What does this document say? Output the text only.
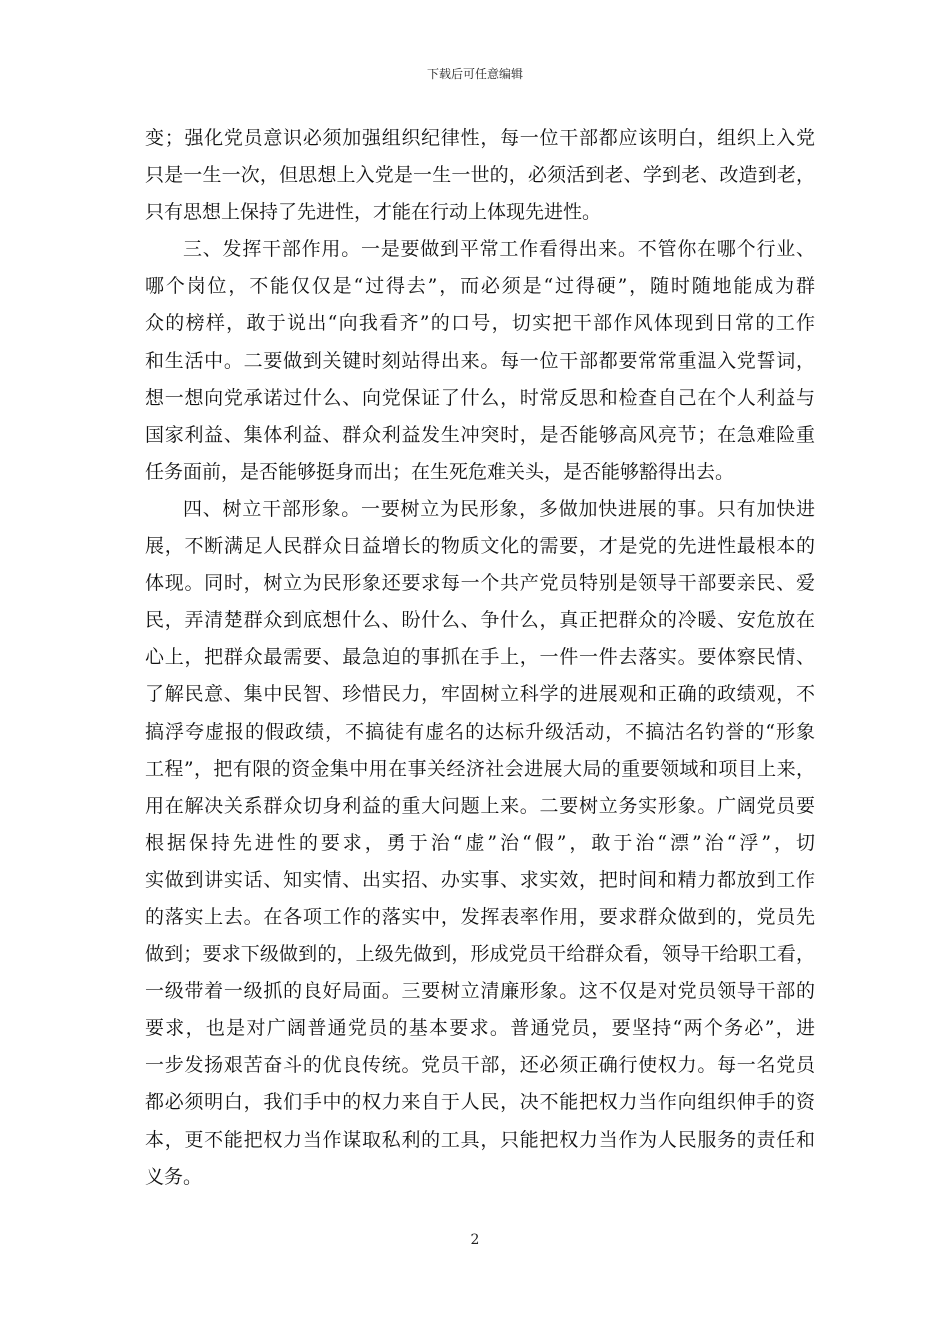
下载后可任意编辑
变；强化党员意识必须加强组织纪律性，每一位干部都应该明白，组织上入党
只是一生一次，但思想上入党是一生一世的，必须活到老、学到老、改造到老，
只有思想上保持了先进性，才能在行动上体现先进性。
三、发挥干部作用。一是要做到平常工作看得出来。不管你在哪个行业、
哪个岗位，不能仅仅是“过得去”，而必须是“过得硬”，随时随地能成为群
众的榜样，敢于说出“向我看齐”的口号，切实把干部作风体现到日常的工作
和生活中。二要做到关键时刻站得出来。每一位干部都要常常重温入党誓词，
想一想向党承诺过什么、向党保证了什么，时常反思和检查自己在个人利益与
国家利益、集体利益、群众利益发生冲突时，是否能够高风亮节；在急难险重
任务面前，是否能够挺身而出；在生死危难关头，是否能够豁得出去。
四、树立干部形象。一要树立为民形象，多做加快进展的事。只有加快进
展，不断满足人民群众日益增长的物质文化的需要，才是党的先进性最根本的
体现。同时，树立为民形象还要求每一个共产党员特别是领导干部要亲民、爱
民，弄清楚群众到底想什么、盼什么、争什么，真正把群众的冷暖、安危放在
心上，把群众最需要、最急迫的事抓在手上，一件一件去落实。要体察民情、
了解民意、集中民智、珍惜民力，牢固树立科学的进展观和正确的政绩观，不
搞浮夸虚报的假政绩，不搞徒有虚名的达标升级活动，不搞沽名钓誉的“形象
工程”，把有限的资金集中用在事关经济社会进展大局的重要领域和项目上来，
用在解决关系群众切身利益的重大问题上来。二要树立务实形象。广阔党员要
根据保持先进性的要求，勇于治“虚”治“假”，敢于治“漂”治“浮”，切
实做到讲实话、知实情、出实招、办实事、求实效，把时间和精力都放到工作
的落实上去。在各项工作的落实中，发挥表率作用，要求群众做到的，党员先
做到；要求下级做到的，上级先做到，形成党员干给群众看，领导干给职工看，
一级带着一级抓的良好局面。三要树立清廉形象。这不仅是对党员领导干部的
要求，也是对广阔普通党员的基本要求。普通党员，要坚持“两个务必”，进
一步发扬艰苦奋斗的优良传统。党员干部，还必须正确行使权力。每一名党员
都必须明白，我们手中的权力来自于人民，决不能把权力当作向组织伸手的资
本，更不能把权力当作谋取私利的工具，只能把权力当作为人民服务的责任和
义务。
2
